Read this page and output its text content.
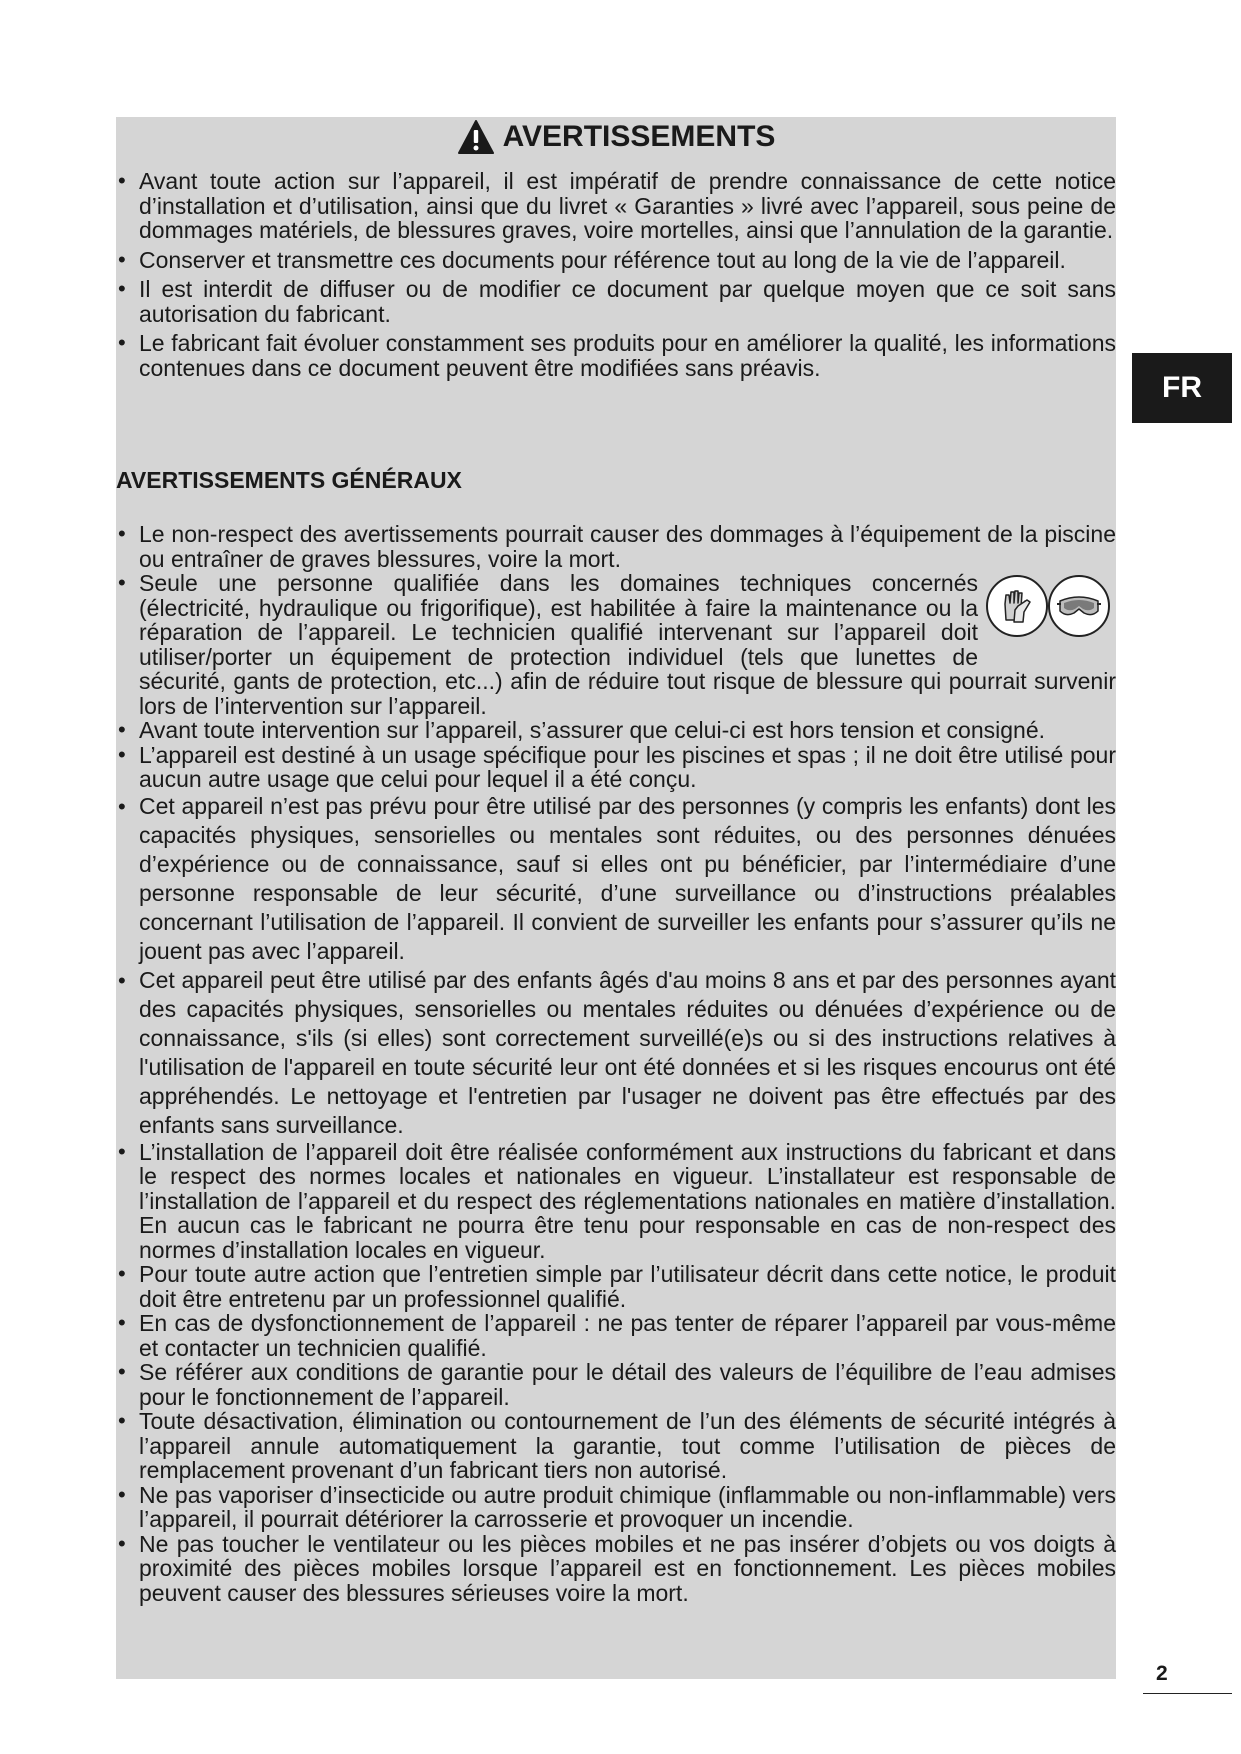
AVERTISSEMENTS
• Avant toute action sur l’appareil, il est impératif de prendre connaissance de cette notice d’installation et d’utilisation, ainsi que du livret « Garanties » livré avec l’appareil, sous peine de dommages matériels, de blessures graves, voire mortelles, ainsi que l’annulation de la garantie.
• Conserver et transmettre ces documents pour référence tout au long de la vie de l’appareil.
• Il est interdit de diffuser ou de modifier ce document par quelque moyen que ce soit sans autorisation du fabricant.
• Le fabricant fait évoluer constamment ses produits pour en améliorer la qualité, les informations contenues dans ce document peuvent être modifiées sans préavis.
AVERTISSEMENTS GÉNÉRAUX
• Le non-respect des avertissements pourrait causer des dommages à l’équipement de la piscine ou entraîner de graves blessures, voire la mort.
• Seule une personne qualifiée dans les domaines techniques concernés (électricité, hydraulique ou frigorifique), est habilitée à faire la maintenance ou la réparation de l’appareil. Le technicien qualifié intervenant sur l’appareil doit utiliser/porter un équipement de protection individuel (tels que lunettes de sécurité, gants de protection, etc...) afin de réduire tout risque de blessure qui pourrait survenir lors de l’intervention sur l’appareil.
• Avant toute intervention sur l’appareil, s’assurer que celui-ci est hors tension et consigné.
• L’appareil est destiné à un usage spécifique pour les piscines et spas ; il ne doit être utilisé pour aucun autre usage que celui pour lequel il a été conçu.
• Cet appareil n’est pas prévu pour être utilisé par des personnes (y compris les enfants) dont les capacités physiques, sensorielles ou mentales sont réduites, ou des personnes dénuées d’expérience ou de connaissance, sauf si elles ont pu bénéficier, par l’intermédiaire d’une personne responsable de leur sécurité, d’une surveillance ou d’instructions préalables concernant l’utilisation de l’appareil. Il convient de surveiller les enfants pour s’assurer qu’ils ne jouent pas avec l’appareil.
• Cet appareil peut être utilisé par des enfants âgés d'au moins 8 ans et par des personnes ayant des capacités physiques, sensorielles ou mentales réduites ou dénuées d’expérience ou de connaissance, s'ils (si elles) sont correctement surveillé(e)s ou si des instructions relatives à l'utilisation de l'appareil en toute sécurité leur ont été données et si les risques encourus ont été appréhendés. Le nettoyage et l'entretien par l'usager ne doivent pas être effectués par des enfants sans surveillance.
• L’installation de l’appareil doit être réalisée conformément aux instructions du fabricant et dans le respect des normes locales et nationales en vigueur. L’installateur est responsable de l’installation de l’appareil et du respect des réglementations nationales en matière d’installation. En aucun cas le fabricant ne pourra être tenu pour responsable en cas de non-respect des normes d’installation locales en vigueur.
• Pour toute autre action que l’entretien simple par l’utilisateur décrit dans cette notice, le produit doit être entretenu par un professionnel qualifié.
• En cas de dysfonctionnement de l’appareil : ne pas tenter de réparer l’appareil par vous-même et contacter un technicien qualifié.
• Se référer aux conditions de garantie pour le détail des valeurs de l’équilibre de l’eau admises pour le fonctionnement de l’appareil.
• Toute désactivation, élimination ou contournement de l’un des éléments de sécurité intégrés à l’appareil annule automatiquement la garantie, tout comme l’utilisation de pièces de remplacement provenant d’un fabricant tiers non autorisé.
• Ne pas vaporiser d’insecticide ou autre produit chimique (inflammable ou non-inflammable) vers l’appareil, il pourrait détériorer la carrosserie et provoquer un incendie.
• Ne pas toucher le ventilateur ou les pièces mobiles et ne pas insérer d’objets ou vos doigts à proximité des pièces mobiles lorsque l’appareil est en fonctionnement. Les pièces mobiles peuvent causer des blessures sérieuses voire la mort.
FR
2
